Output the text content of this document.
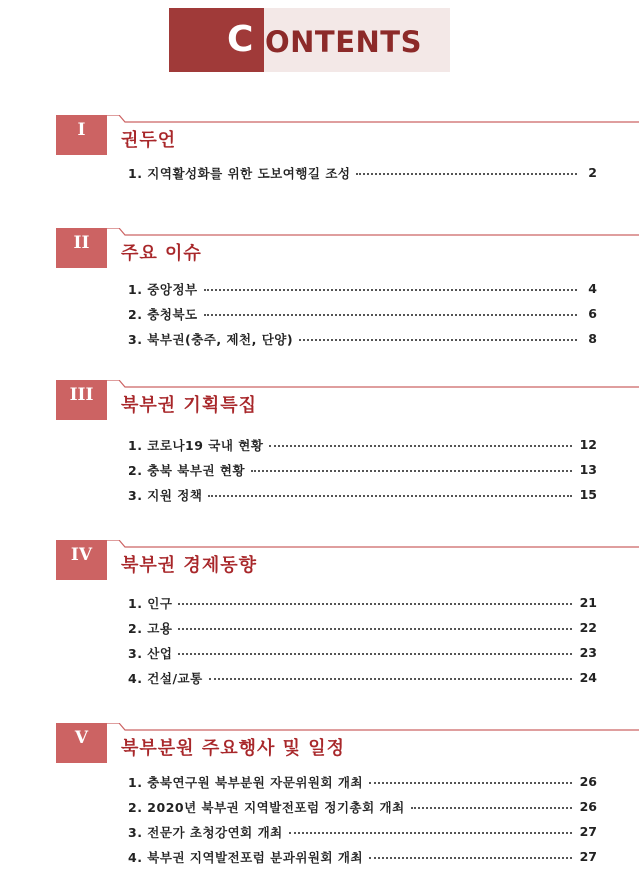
C ONTENTS
I	권두언
1. 지역활성화를 위한 도보여행길 조성	2
II	주요 이슈
1. 중앙정부	4
2. 충청북도	6
3. 북부권(충주, 제천, 단양)	8
III	북부권 기획특집
1. 코로나19 국내 현황	12
2. 충북 북부권 현황	13
3. 지원 정책	15
IV	북부권 경제동향
1. 인구	21
2. 고용	22
3. 산업	23
4. 건설/교통	24
V	북부분원 주요행사 및 일정
1. 충북연구원 북부분원 자문위원회 개최	26
2. 2020년 북부권 지역발전포럼 정기총회 개최	26
3. 전문가 초청강연회 개최	27
4. 북부권 지역발전포럼 분과위원회 개최	27
